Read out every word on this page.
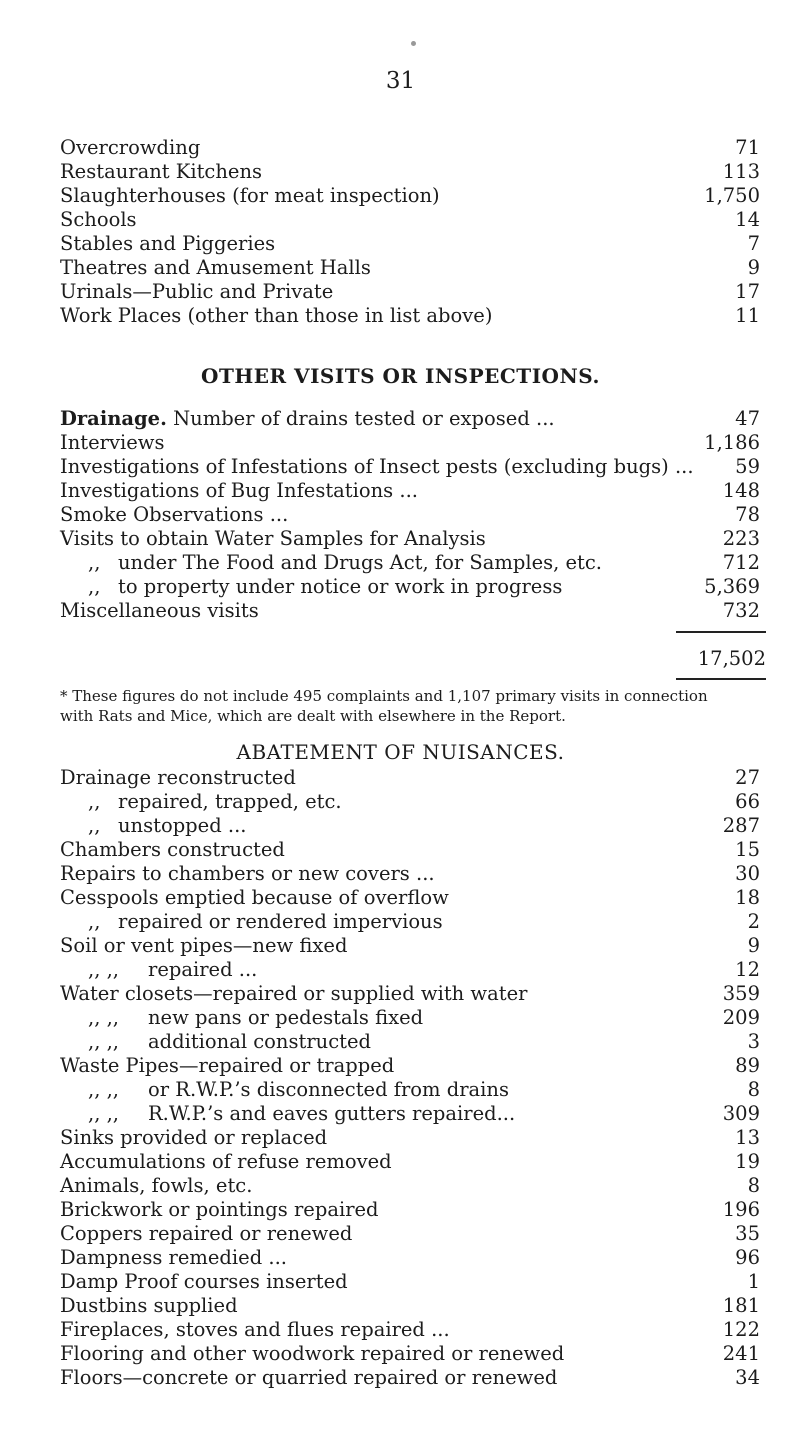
31
Overcrowding	71
Restaurant Kitchens	113
Slaughterhouses (for meat inspection)	1,750
Schools	14
Stables and Piggeries	7
Theatres and Amusement Halls	9
Urinals—Public and Private	17
Work Places (other than those in list above)	11
OTHER VISITS OR INSPECTIONS.
Drainage. Number of drains tested or exposed ...	47
Interviews	1,186
Investigations of Infestations of Insect pests (excluding bugs) ...	59
Investigations of Bug Infestations ...	148
Smoke Observations ...	78
Visits to obtain Water Samples for Analysis	223
,, under The Food and Drugs Act, for Samples, etc.	712
,, to property under notice or work in progress	5,369
Miscellaneous visits	732
17,502
* These figures do not include 495 complaints and 1,107 primary visits in connection
with Rats and Mice, which are dealt with elsewhere in the Report.
ABATEMENT OF NUISANCES.
Drainage reconstructed	27
,, repaired, trapped, etc.	66
,, unstopped ...	287
Chambers constructed	15
Repairs to chambers or new covers ...	30
Cesspools emptied because of overflow	18
,, repaired or rendered impervious	2
Soil or vent pipes—new fixed	9
,, ,, repaired ...	12
Water closets—repaired or supplied with water	359
,, ,, new pans or pedestals fixed	209
,, ,, additional constructed	3
Waste Pipes—repaired or trapped	89
,, ,, or R.W.P.’s disconnected from drains	8
,, ,, R.W.P.’s and eaves gutters repaired...	309
Sinks provided or replaced	13
Accumulations of refuse removed	19
Animals, fowls, etc.	8
Brickwork or pointings repaired	196
Coppers repaired or renewed	35
Dampness remedied ...	96
Damp Proof courses inserted	1
Dustbins supplied	181
Fireplaces, stoves and flues repaired ...	122
Flooring and other woodwork repaired or renewed	241
Floors—concrete or quarried repaired or renewed	34
